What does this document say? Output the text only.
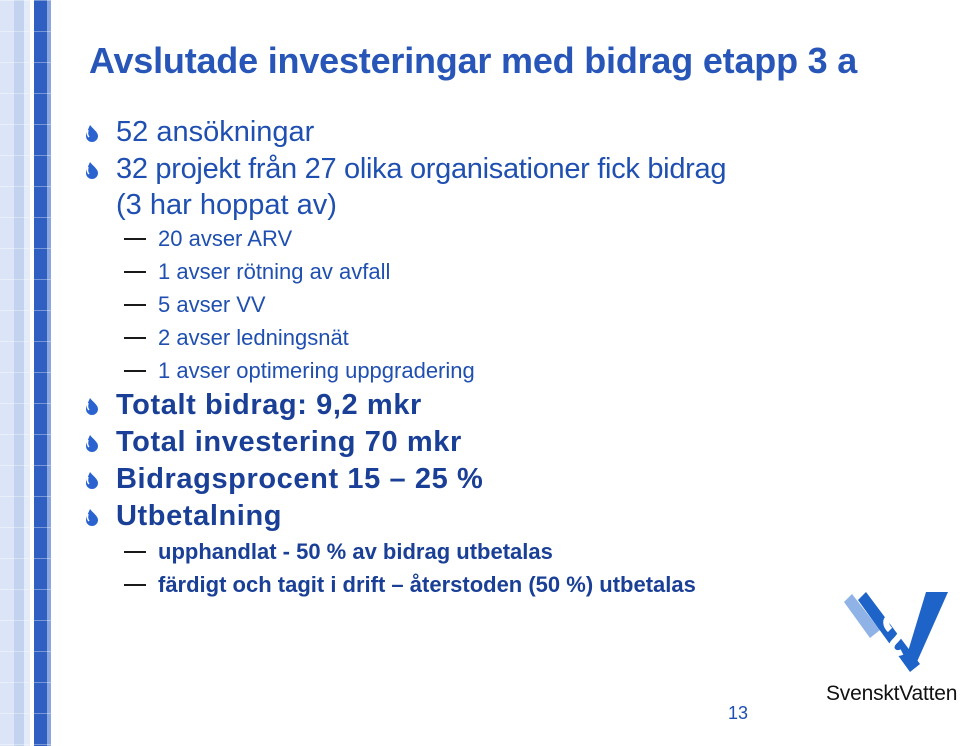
Avslutade investeringar med bidrag etapp 3 a
52 ansökningar
32 projekt från 27 olika organisationer fick bidrag
(3 har hoppat av)
20 avser ARV
1 avser rötning av avfall
5 avser VV
2 avser ledningsnät
1 avser optimering uppgradering
Totalt bidrag: 9,2 mkr
Total investering 70 mkr
Bidragsprocent 15 – 25 %
Utbetalning
upphandlat - 50 % av bidrag utbetalas
färdigt och tagit i drift – återstoden (50 %) utbetalas
SvensktVatten
13
